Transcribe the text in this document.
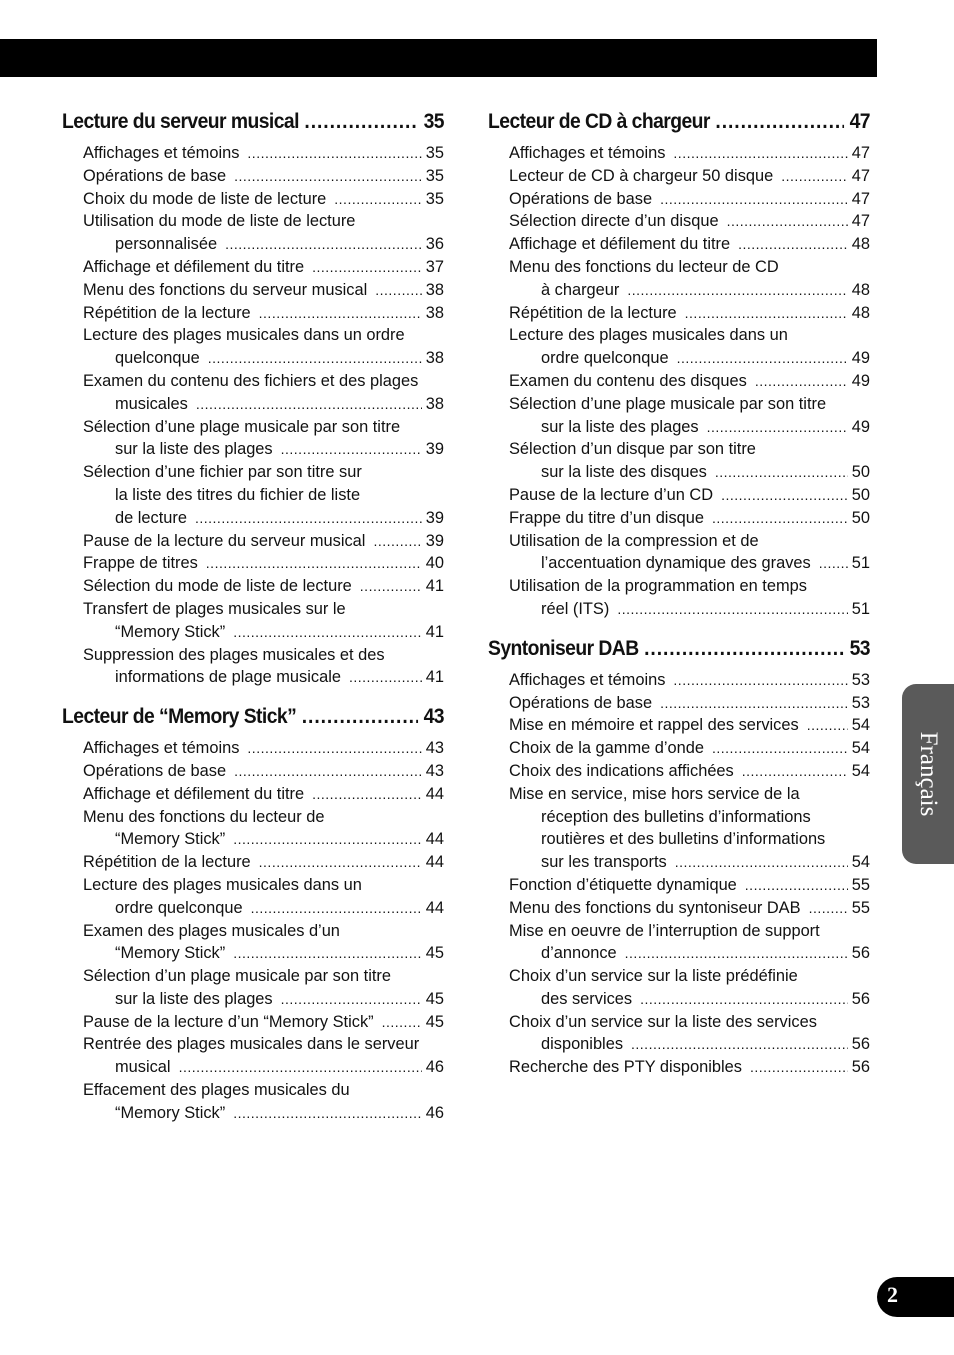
Lecture du serveur musical .....	35
Affichages et témoins .....	35
Opérations de base .....	35
Choix du mode de liste de lecture .....	35
Utilisation du mode de liste de lecture
personnalisée .....	36
Affichage et défilement du titre .....	37
Menu des fonctions du serveur musical .....	38
Répétition de la lecture .....	38
Lecture des plages musicales dans un ordre
quelconque .....	38
Examen du contenu des fichiers et des plages
musicales .....	38
Sélection d’une plage musicale par son titre
sur la liste des plages .....	39
Sélection d’une fichier par son titre sur
la liste des titres du fichier de liste
de lecture .....	39
Pause de la lecture du serveur musical .....	39
Frappe de titres .....	40
Sélection du mode de liste de lecture .....	41
Transfert de plages musicales sur le
“Memory Stick” .....	41
Suppression des plages musicales et des
informations de plage musicale .....	41
Lecteur de “Memory Stick” .....	43
Affichages et témoins .....	43
Opérations de base .....	43
Affichage et défilement du titre .....	44
Menu des fonctions du lecteur de
“Memory Stick” .....	44
Répétition de la lecture .....	44
Lecture des plages musicales dans un
ordre quelconque .....	44
Examen des plages musicales d’un
“Memory Stick” .....	45
Sélection d’un plage musicale par son titre
sur la liste des plages .....	45
Pause de la lecture d’un “Memory Stick” .....	45
Rentrée des plages musicales dans le serveur
musical .....	46
Effacement des plages musicales du
“Memory Stick” .....	46
Lecteur de CD à chargeur .....	47
Affichages et témoins .....	47
Lecteur de CD à chargeur 50 disque .....	47
Opérations de base .....	47
Sélection directe d’un disque .....	47
Affichage et défilement du titre .....	48
Menu des fonctions du lecteur de CD
à chargeur .....	48
Répétition de la lecture .....	48
Lecture des plages musicales dans un
ordre quelconque .....	49
Examen du contenu des disques .....	49
Sélection d’une plage musicale par son titre
sur la liste des plages .....	49
Sélection d’un disque par son titre
sur la liste des disques .....	50
Pause de la lecture d’un CD .....	50
Frappe du titre d’un disque .....	50
Utilisation de la compression et de
l’accentuation dynamique des graves .....	51
Utilisation de la programmation en temps
réel (ITS) .....	51
Syntoniseur DAB .....	53
Affichages et témoins .....	53
Opérations de base .....	53
Mise en mémoire et rappel des services .....	54
Choix de la gamme d’onde .....	54
Choix des indications affichées .....	54
Mise en service, mise hors service de la
réception des bulletins d’informations
routières et des bulletins d’informations
sur les transports .....	54
Fonction d’étiquette dynamique .....	55
Menu des fonctions du syntoniseur DAB .....	55
Mise en oeuvre de l’interruption de support
d’annonce .....	56
Choix d’un service sur la liste prédéfinie
des services .....	56
Choix d’un service sur la liste des services
disponibles .....	56
Recherche des PTY disponibles .....	56
Français
2
